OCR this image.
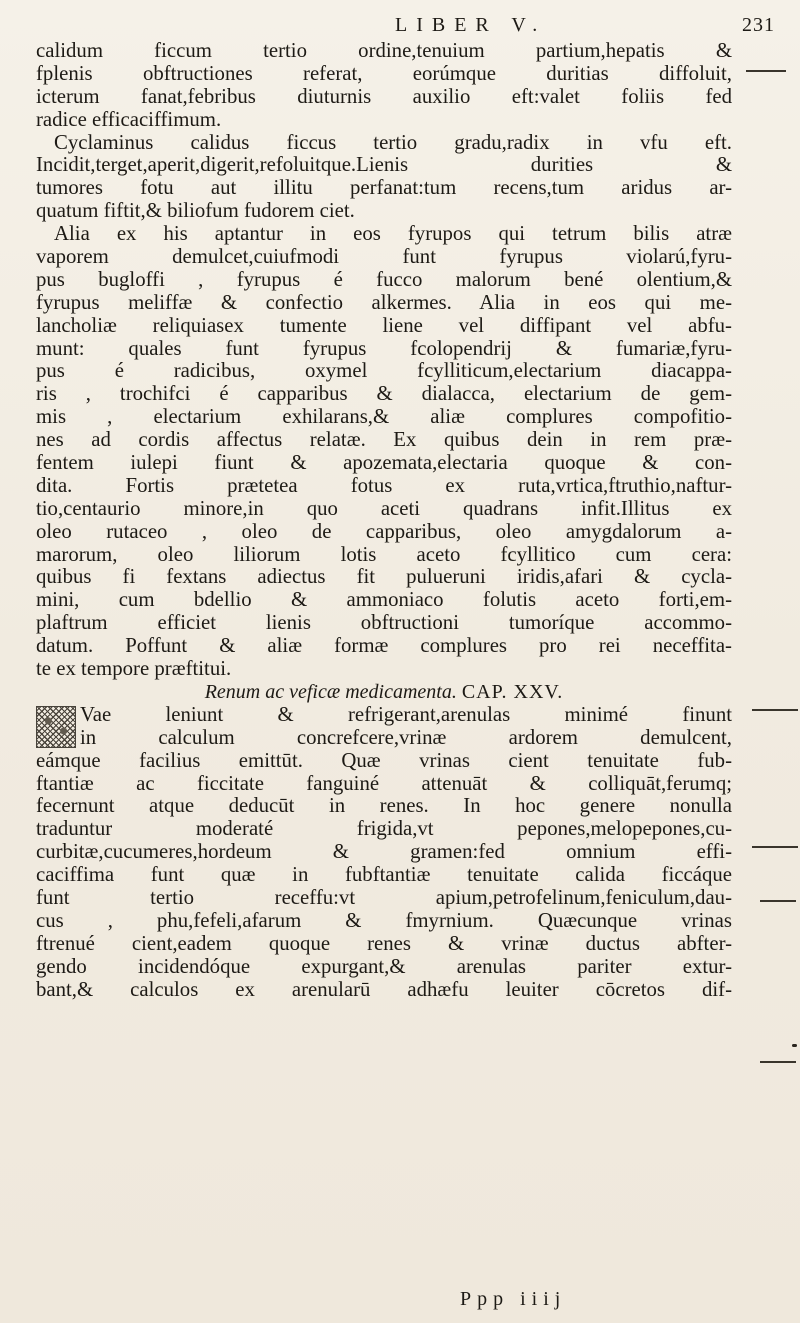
LIBER V.	231
calidum ficcum tertio ordine,tenuium partium,hepatis &
fplenis obftructiones referat, eorúmque duritias diffoluit,
icterum fanat,febribus diuturnis auxilio eft:valet foliis fed
radice efficaciffimum.
Cyclaminus calidus ficcus tertio gradu,radix in vfu eft.
Incidit,terget,aperit,digerit,refoluitque.Lienis durities &
tumores fotu aut illitu perfanat:tum recens,tum aridus ar-
quatum fiftit,& biliofum fudorem ciet.
Alia ex his aptantur in eos fyrupos qui tetrum bilis atræ
vaporem demulcet,cuiufmodi funt fyrupus violarú,fyru-
pus bugloffi , fyrupus é fucco malorum bené olentium,&
fyrupus meliffæ & confectio alkermes. Alia in eos qui me-
lancholiæ reliquiasex tumente liene vel diffipant vel abfu-
munt: quales funt fyrupus fcolopendrij & fumariæ,fyru-
pus é radicibus, oxymel fcylliticum,electarium diacappa-
ris , trochifci é capparibus & dialacca, electarium de gem-
mis , electarium exhilarans,& aliæ complures compofitio-
nes ad cordis affectus relatæ. Ex quibus dein in rem præ-
fentem iulepi fiunt & apozemata,electaria quoque & con-
dita. Fortis prætetea fotus ex ruta,vrtica,ftruthio,naftur-
tio,centaurio minore,in quo aceti quadrans infit.Illitus ex
oleo rutaceo , oleo de capparibus, oleo amygdalorum a-
marorum, oleo liliorum lotis aceto fcyllitico cum cera:
quibus fi fextans adiectus fit pulueruni iridis,afari & cycla-
mini, cum bdellio & ammoniaco folutis aceto forti,em-
plaftrum efficiet lienis obftructioni tumoríque accommo-
datum. Poffunt & aliæ formæ complures pro rei neceffita-
te ex tempore præftitui.
Renum ac veficæ medicamenta. CAP. XXV.
Vae leniunt & refrigerant,arenulas minimé finunt
in calculum concrefcere,vrinæ ardorem demulcent,
eámque facilius emittūt. Quæ vrinas cient tenuitate fub-
ftantiæ ac ficcitate fanguiné attenuāt & colliquāt,ferumq;
fecernunt atque deducūt in renes. In hoc genere nonulla
traduntur moderaté frigida,vt pepones,melopepones,cu-
curbitæ,cucumeres,hordeum & gramen:fed omnium effi-
caciffima funt quæ in fubftantiæ tenuitate calida ficcáque
funt tertio receffu:vt apium,petrofelinum,feniculum,dau-
cus , phu,fefeli,afarum & fmyrnium. Quæcunque vrinas
ftrenué cient,eadem quoque renes & vrinæ ductus abfter-
gendo incidendóque expurgant,& arenulas pariter extur-
bant,& calculos ex arenularū adhæfu leuiter cōcretos dif-
Ppp iiij
